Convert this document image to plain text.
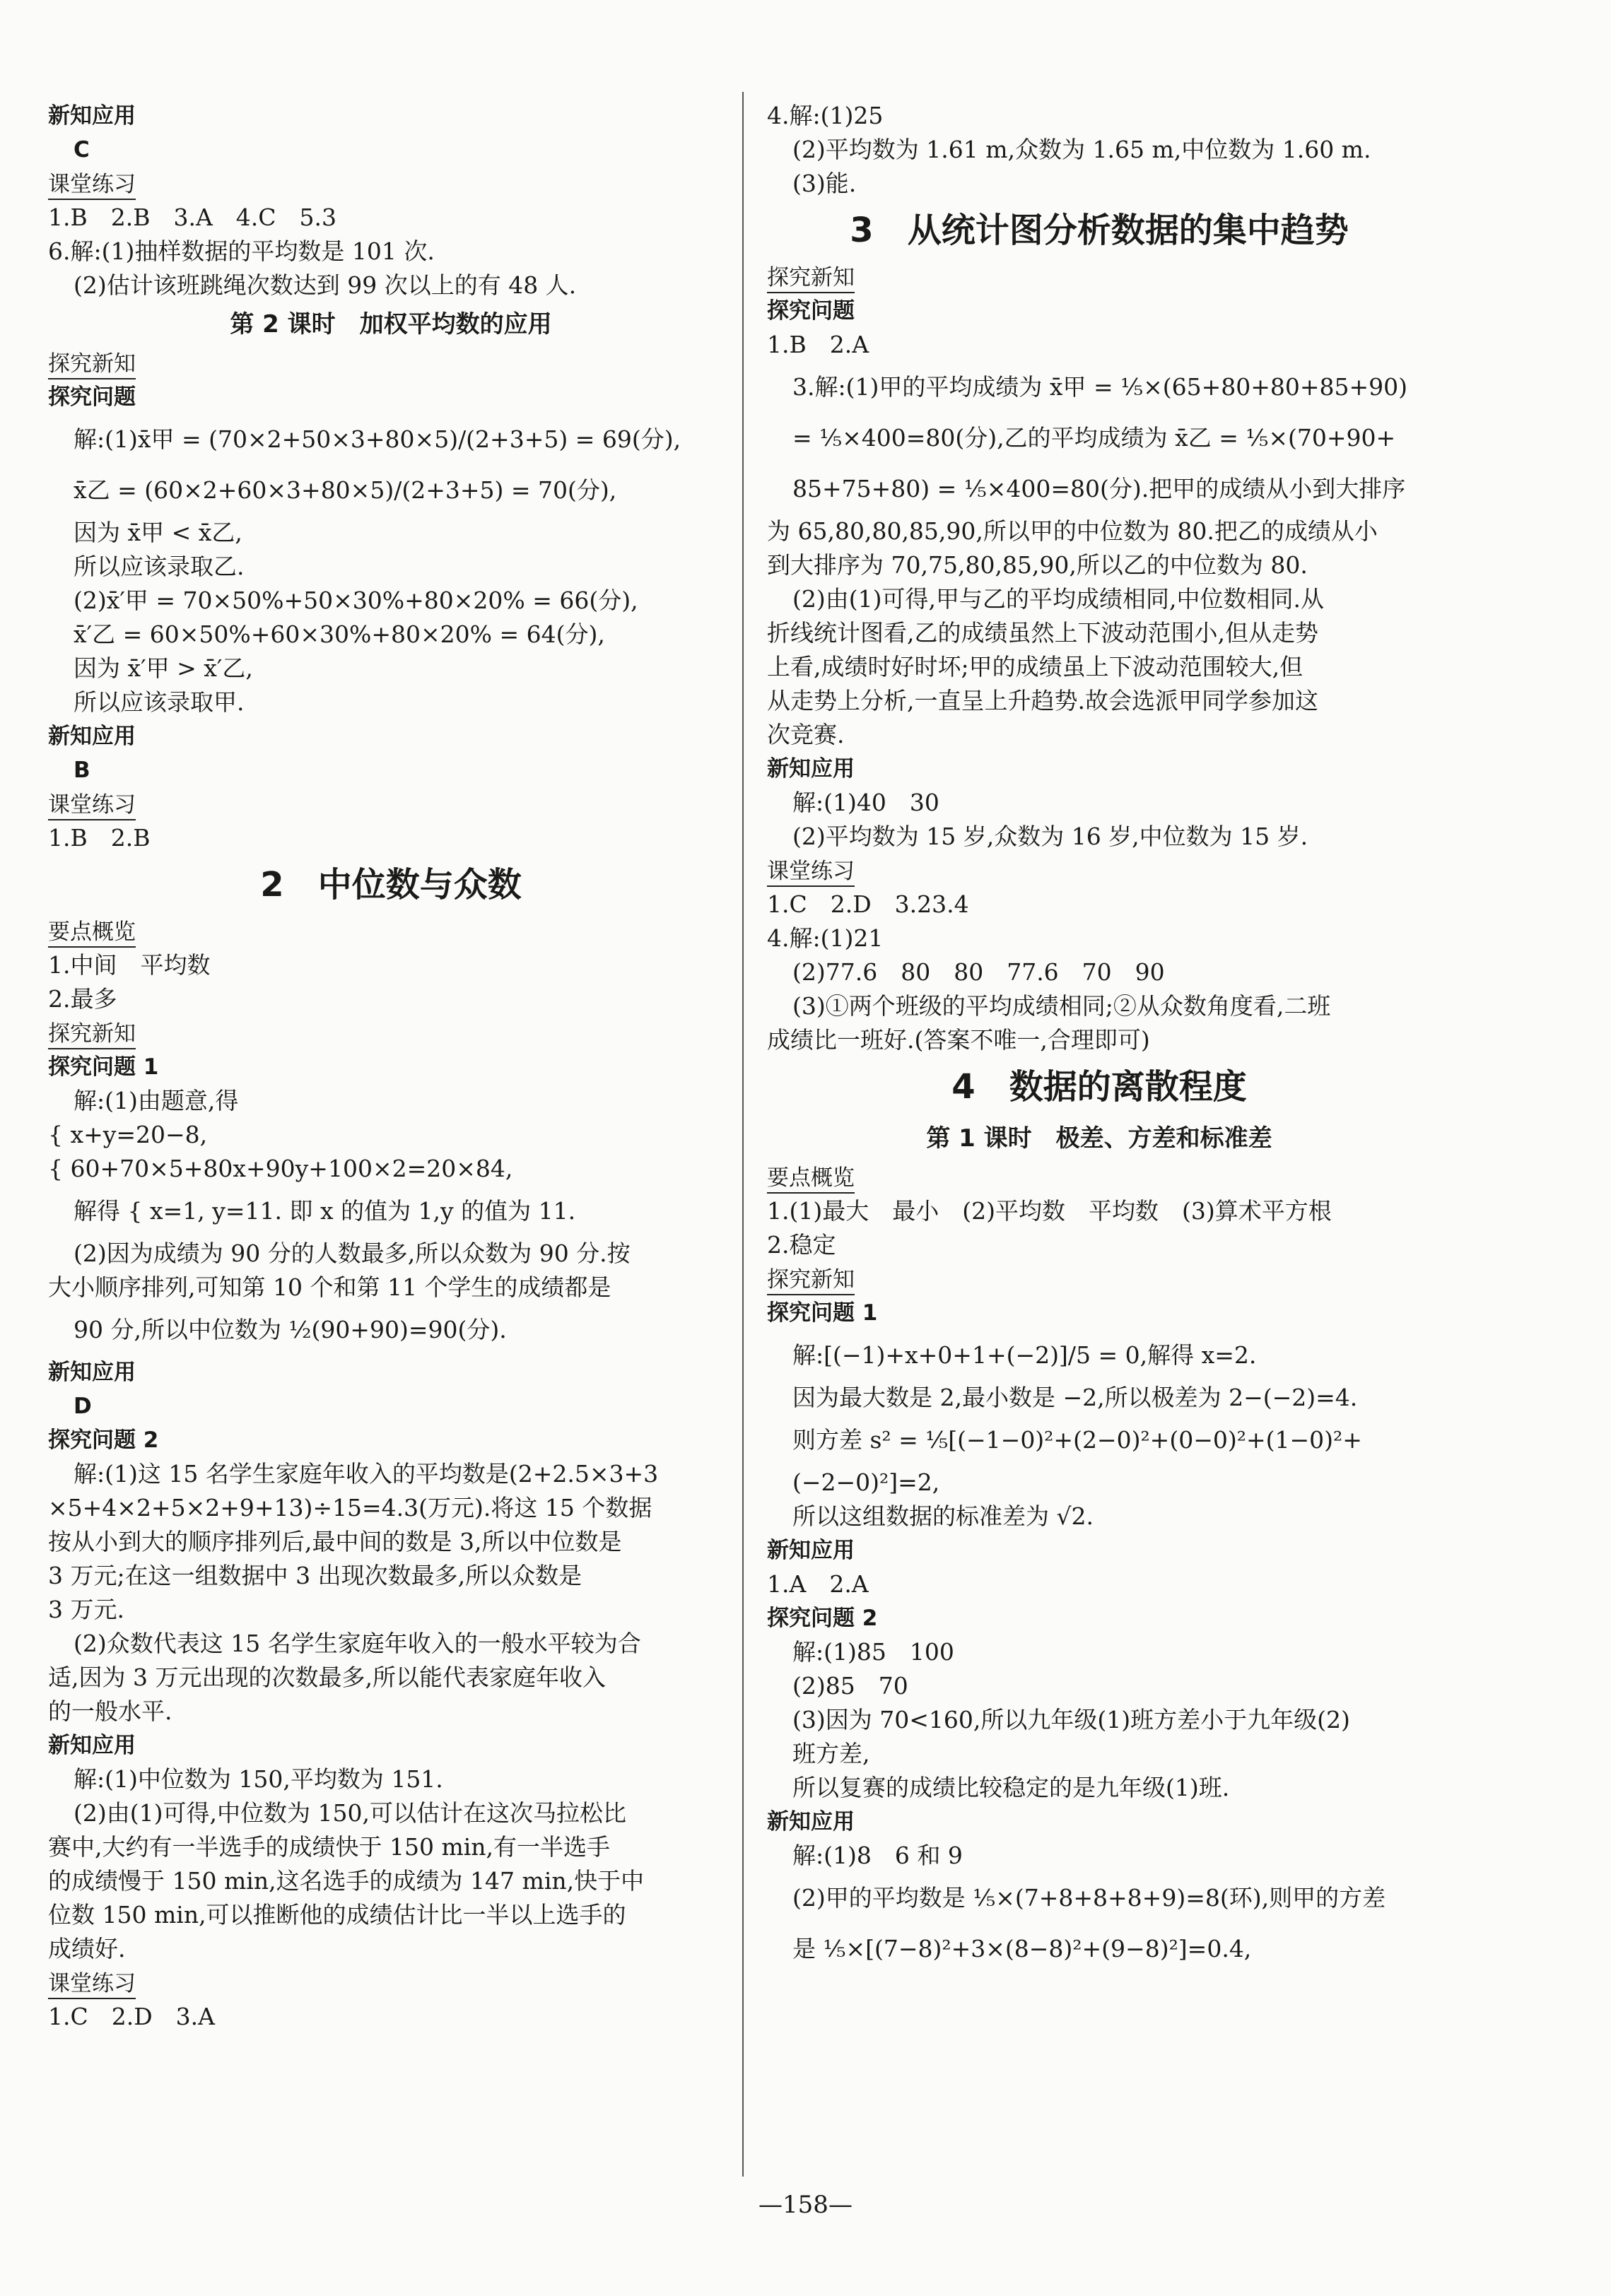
新知应用
C
课堂练习
1.B　2.B　3.A　4.C　5.3
6.解:(1)抽样数据的平均数是 101 次.
(2)估计该班跳绳次数达到 99 次以上的有 48 人.
第 2 课时　加权平均数的应用
探究新知
探究问题
解:(1)x̄甲 = (70×2+50×3+80×5)/(2+3+5) = 69(分),
x̄乙 = (60×2+60×3+80×5)/(2+3+5) = 70(分),
因为 x̄甲 < x̄乙,
所以应该录取乙.
(2)x̄′甲 = 70×50%+50×30%+80×20% = 66(分),
x̄′乙 = 60×50%+60×30%+80×20% = 64(分),
因为 x̄′甲 > x̄′乙,
所以应该录取甲.
新知应用
B
课堂练习
1.B　2.B
2　中位数与众数
要点概览
1.中间　平均数
2.最多
探究新知
探究问题 1
解:(1)由题意,得
{ x+y=20−8,
{ 60+70×5+80x+90y+100×2=20×84,
解得 { x=1, y=11. 即 x 的值为 1,y 的值为 11.
(2)因为成绩为 90 分的人数最多,所以众数为 90 分.按
大小顺序排列,可知第 10 个和第 11 个学生的成绩都是
90 分,所以中位数为 ½(90+90)=90(分).
新知应用
D
探究问题 2
解:(1)这 15 名学生家庭年收入的平均数是(2+2.5×3+3
×5+4×2+5×2+9+13)÷15=4.3(万元).将这 15 个数据
按从小到大的顺序排列后,最中间的数是 3,所以中位数是
3 万元;在这一组数据中 3 出现次数最多,所以众数是
3 万元.
(2)众数代表这 15 名学生家庭年收入的一般水平较为合
适,因为 3 万元出现的次数最多,所以能代表家庭年收入
的一般水平.
新知应用
解:(1)中位数为 150,平均数为 151.
(2)由(1)可得,中位数为 150,可以估计在这次马拉松比
赛中,大约有一半选手的成绩快于 150 min,有一半选手
的成绩慢于 150 min,这名选手的成绩为 147 min,快于中
位数 150 min,可以推断他的成绩估计比一半以上选手的
成绩好.
课堂练习
1.C　2.D　3.A
4.解:(1)25
(2)平均数为 1.61 m,众数为 1.65 m,中位数为 1.60 m.
(3)能.
3　从统计图分析数据的集中趋势
探究新知
探究问题
1.B　2.A
3.解:(1)甲的平均成绩为 x̄甲 = ⅕×(65+80+80+85+90)
= ⅕×400=80(分),乙的平均成绩为 x̄乙 = ⅕×(70+90+
85+75+80) = ⅕×400=80(分).把甲的成绩从小到大排序
为 65,80,80,85,90,所以甲的中位数为 80.把乙的成绩从小
到大排序为 70,75,80,85,90,所以乙的中位数为 80.
(2)由(1)可得,甲与乙的平均成绩相同,中位数相同.从
折线统计图看,乙的成绩虽然上下波动范围小,但从走势
上看,成绩时好时坏;甲的成绩虽上下波动范围较大,但
从走势上分析,一直呈上升趋势.故会选派甲同学参加这
次竞赛.
新知应用
解:(1)40　30
(2)平均数为 15 岁,众数为 16 岁,中位数为 15 岁.
课堂练习
1.C　2.D　3.23.4
4.解:(1)21
(2)77.6　80　80　77.6　70　90
(3)①两个班级的平均成绩相同;②从众数角度看,二班
成绩比一班好.(答案不唯一,合理即可)
4　数据的离散程度
第 1 课时　极差、方差和标准差
要点概览
1.(1)最大　最小　(2)平均数　平均数　(3)算术平方根
2.稳定
探究新知
探究问题 1
解:[(−1)+x+0+1+(−2)]/5 = 0,解得 x=2.
因为最大数是 2,最小数是 −2,所以极差为 2−(−2)=4.
则方差 s² = ⅕[(−1−0)²+(2−0)²+(0−0)²+(1−0)²+
(−2−0)²]=2,
所以这组数据的标准差为 √2.
新知应用
1.A　2.A
探究问题 2
解:(1)85　100
(2)85　70
(3)因为 70<160,所以九年级(1)班方差小于九年级(2)
班方差,
所以复赛的成绩比较稳定的是九年级(1)班.
新知应用
解:(1)8　6 和 9
(2)甲的平均数是 ⅕×(7+8+8+8+9)=8(环),则甲的方差
是 ⅕×[(7−8)²+3×(8−8)²+(9−8)²]=0.4,
—158—
